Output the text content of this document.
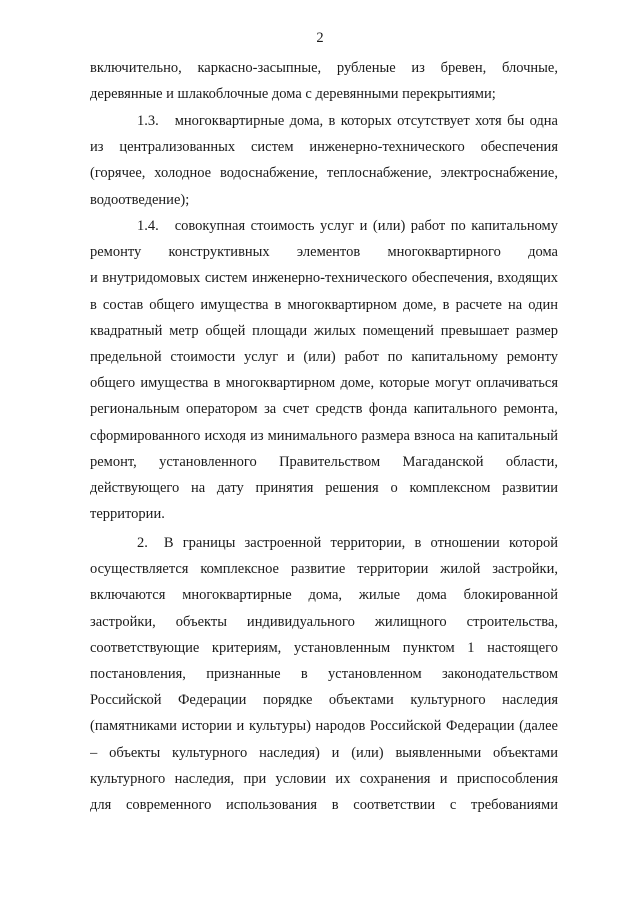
2
включительно, каркасно-засыпные, рубленые из бревен, блочные,
деревянные и шлакоблочные дома с деревянными перекрытиями;
1.3. многоквартирные дома, в которых отсутствует хотя бы одна
из централизованных систем инженерно-технического обеспечения
(горячее, холодное водоснабжение, теплоснабжение, электроснабжение,
водоотведение);
1.4. совокупная стоимость услуг и (или) работ по капитальному
ремонту конструктивных элементов многоквартирного дома
и внутридомовых систем инженерно-технического обеспечения, входящих
в состав общего имущества в многоквартирном доме, в расчете на один
квадратный метр общей площади жилых помещений превышает размер
предельной стоимости услуг и (или) работ по капитальному ремонту
общего имущества в многоквартирном доме, которые могут оплачиваться
региональным оператором за счет средств фонда капитального ремонта,
сформированного исходя из минимального размера взноса на капитальный
ремонт, установленного Правительством Магаданской области,
действующего на дату принятия решения о комплексном развитии
территории.
2. В границы застроенной территории, в отношении которой
осуществляется комплексное развитие территории жилой застройки,
включаются многоквартирные дома, жилые дома блокированной
застройки, объекты индивидуального жилищного строительства,
соответствующие критериям, установленным пунктом 1 настоящего
постановления, признанные в установленном законодательством
Российской Федерации порядке объектами культурного наследия
(памятниками истории и культуры) народов Российской Федерации (далее
– объекты культурного наследия) и (или) выявленными объектами
культурного наследия, при условии их сохранения и приспособления
для современного использования в соответствии с требованиями
